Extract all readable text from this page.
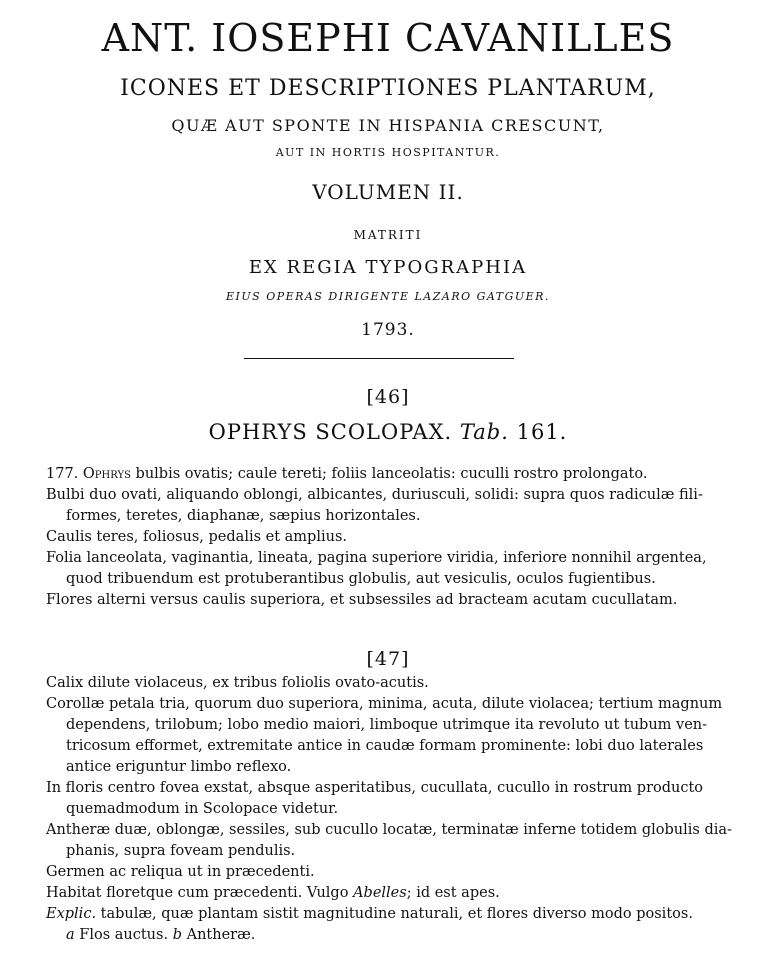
ANT. IOSEPHI CAVANILLES
ICONES ET DESCRIPTIONES PLANTARUM,
QUÆ AUT SPONTE IN HISPANIA CRESCUNT,
AUT IN HORTIS HOSPITANTUR.
VOLUMEN II.
MATRITI
EX REGIA TYPOGRAPHIA
EIUS OPERAS DIRIGENTE LAZARO GATGUER.
1793.
[46]
OPHRYS SCOLOPAX. Tab. 161.
177. Ophrys bulbis ovatis; caule tereti; foliis lanceolatis: cuculli rostro prolongato.
Bulbi duo ovati, aliquando oblongi, albicantes, duriusculi, solidi: supra quos radiculæ fili-
formes, teretes, diaphanæ, sæpius horizontales.
Caulis teres, foliosus, pedalis et amplius.
Folia lanceolata, vaginantia, lineata, pagina superiore viridia, inferiore nonnihil argentea,
quod tribuendum est protuberantibus globulis, aut vesiculis, oculos fugientibus.
Flores alterni versus caulis superiora, et subsessiles ad bracteam acutam cucullatam.
[47]
Calix dilute violaceus, ex tribus foliolis ovato-acutis.
Corollæ petala tria, quorum duo superiora, minima, acuta, dilute violacea; tertium magnum
dependens, trilobum; lobo medio maiori, limboque utrimque ita revoluto ut tubum ven-
tricosum efformet, extremitate antice in caudæ formam prominente: lobi duo laterales
antice eriguntur limbo reflexo.
In floris centro fovea exstat, absque asperitatibus, cucullata, cucullo in rostrum producto
quemadmodum in Scolopace videtur.
Antheræ duæ, oblongæ, sessiles, sub cucullo locatæ, terminatæ inferne totidem globulis dia-
phanis, supra foveam pendulis.
Germen ac reliqua ut in præcedenti.
Habitat floretque cum præcedenti. Vulgo Abelles; id est apes.
Explic. tabulæ, quæ plantam sistit magnitudine naturali, et flores diverso modo positos.
a Flos auctus. b Antheræ.
